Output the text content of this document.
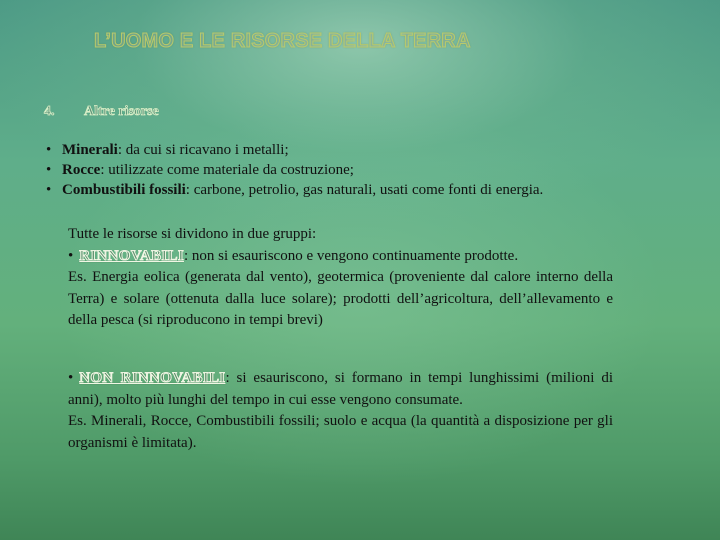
L’UOMO E LE RISORSE DELLA TERRA
4. Altre risorse
• Minerali: da cui si ricavano i metalli;
• Rocce: utilizzate come materiale da costruzione;
• Combustibili fossili: carbone, petrolio, gas naturali, usati come fonti di energia.

Tutte le risorse si dividono in due gruppi:

• RINNOVABILI: non si esauriscono e vengono continuamente prodotte.

Es. Energia eolica (generata dal vento), geotermica (proveniente dal calore interno della Terra) e solare (ottenuta dalla luce solare); prodotti dell’agricoltura, dell’allevamento e della pesca (si riproducono in tempi brevi)

• NON RINNOVABILI: si esauriscono, si formano in tempi lunghissimi (milioni di anni), molto più lunghi del tempo in cui esse vengono consumate.

Es. Minerali, Rocce, Combustibili fossili; suolo e acqua (la quantità a disposizione per gli organismi è limitata).
